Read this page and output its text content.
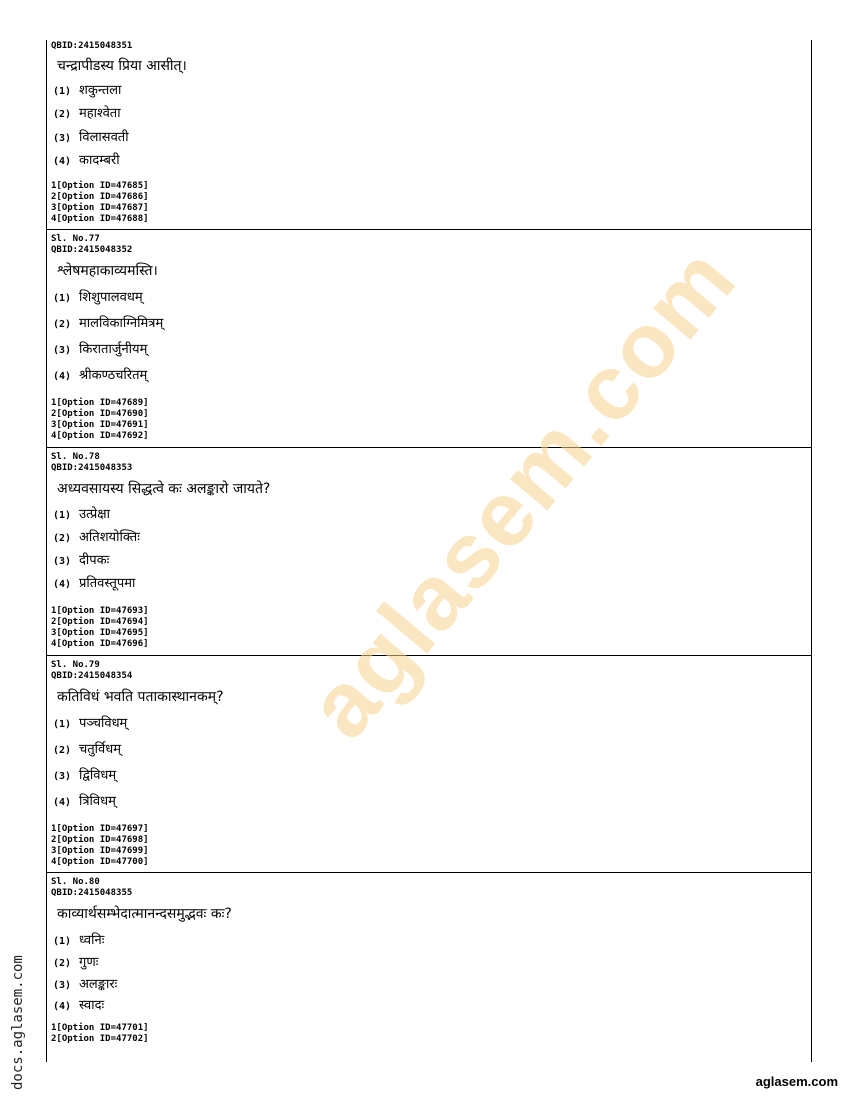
QBID:2415048351
चन्द्रापीडस्य प्रिया आसीत्।
(1) शकुन्तला
(2) महाश्वेता
(3) विलासवती
(4) कादम्बरी
1[Option ID=47685]
2[Option ID=47686]
3[Option ID=47687]
4[Option ID=47688]
Sl. No.77
QBID:2415048352
श्लेषमहाकाव्यमस्ति।
(1) शिशुपालवधम्
(2) मालविकाग्निमित्रम्
(3) किरातार्जुनीयम्
(4) श्रीकण्ठचरितम्
1[Option ID=47689]
2[Option ID=47690]
3[Option ID=47691]
4[Option ID=47692]
Sl. No.78
QBID:2415048353
अध्यवसायस्य सिद्धत्वे कः अलङ्कारो जायते?
(1) उत्प्रेक्षा
(2) अतिशयोक्तिः
(3) दीपकः
(4) प्रतिवस्तूपमा
1[Option ID=47693]
2[Option ID=47694]
3[Option ID=47695]
4[Option ID=47696]
Sl. No.79
QBID:2415048354
कतिविधं भवति पताकास्थानकम्?
(1) पञ्चविधम्
(2) चतुर्विधम्
(3) द्विविधम्
(4) त्रिविधम्
1[Option ID=47697]
2[Option ID=47698]
3[Option ID=47699]
4[Option ID=47700]
Sl. No.80
QBID:2415048355
काव्यार्थसम्भेदात्मानन्दसमुद्भवः कः?
(1) ध्वनिः
(2) गुणः
(3) अलङ्कारः
(4) स्वादः
1[Option ID=47701]
2[Option ID=47702]
aglasem.com
docs.aglasem.com	aglasem.com
